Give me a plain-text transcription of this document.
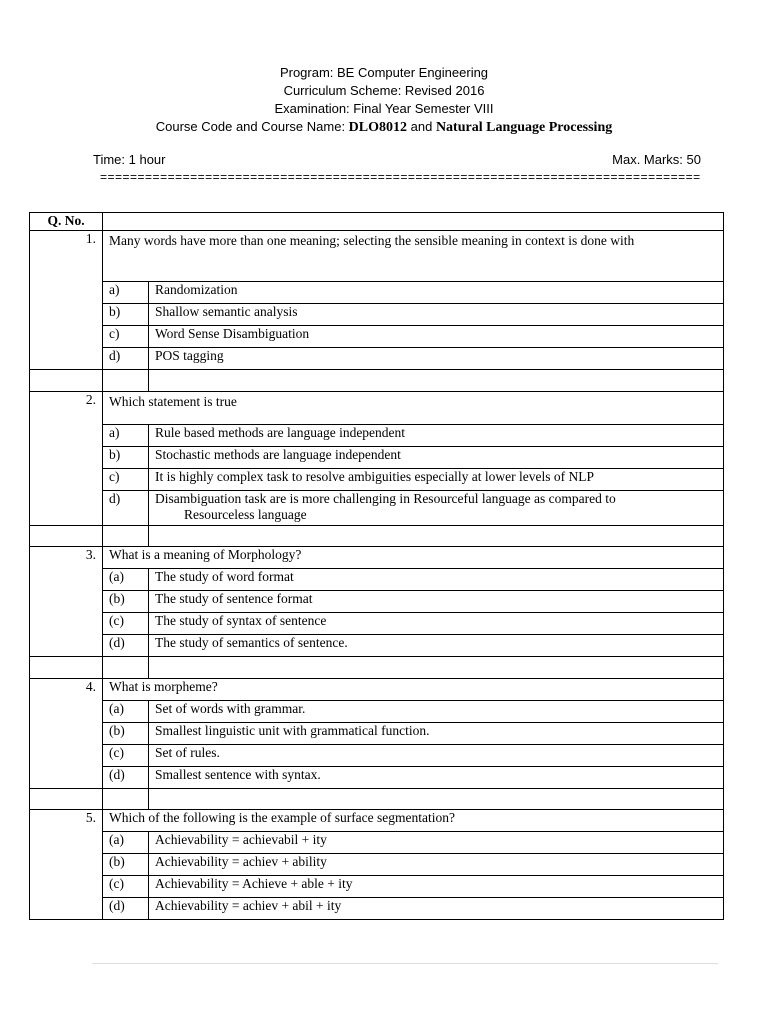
Program: BE Computer Engineering
Curriculum Scheme: Revised 2016
Examination: Final Year Semester VIII
Course Code and Course Name: DLO8012 and Natural Language Processing
Time: 1 hour	Max. Marks: 50
================================================================================
Q. No.		
1.	Many words have more than one meaning; selecting the sensible meaning in context is done with	
	a)	Randomization
	b)	Shallow semantic analysis
	c)	Word Sense Disambiguation
	d)	POS tagging

2.	Which statement is true	
	a)	Rule based methods are language independent
	b)	Stochastic methods are language independent
	c)	It is highly complex task to resolve ambiguities especially at lower levels of NLP
	d)	Disambiguation task are is more challenging in Resourceful language as compared to
Resourceless language

3.	What is a meaning of Morphology?	
	(a)	The study of word format
	(b)	The study of sentence format
	(c)	The study of syntax of sentence
	(d)	The study of semantics of sentence.

4.	What is morpheme?	
	(a)	Set of words with grammar.
	(b)	Smallest linguistic unit with grammatical function.
	(c)	Set of rules.
	(d)	Smallest sentence with syntax.

5.	Which of the following is the example of surface segmentation?	
	(a)	Achievability = achievabil + ity
	(b)	Achievability = achiev + ability
	(c)	Achievability = Achieve + able + ity
	(d)	Achievability = achiev + abil + ity
